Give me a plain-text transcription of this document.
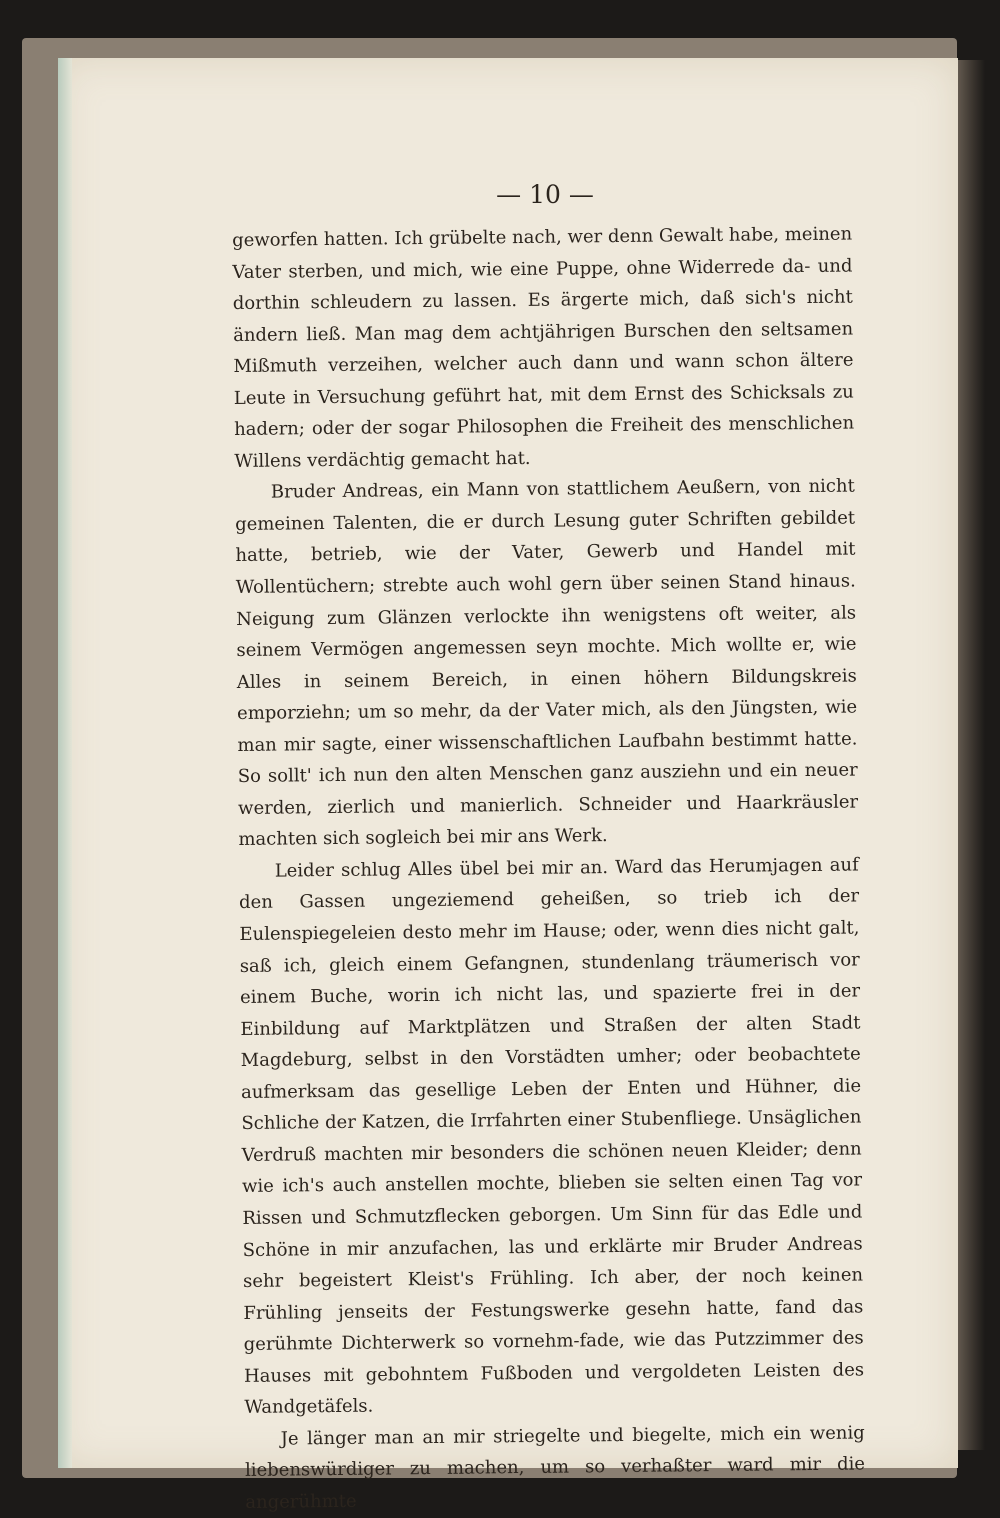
— 10 —

geworfen hatten. Ich grübelte nach, wer denn Gewalt habe, meinen Vater sterben, und mich, wie eine Puppe, ohne Widerrede da- und dorthin schleudern zu lassen. Es ärgerte mich, daß sich's nicht ändern ließ. Man mag dem achtjährigen Burschen den seltsamen Mißmuth verzeihen, welcher auch dann und wann schon ältere Leute in Versuchung geführt hat, mit dem Ernst des Schicksals zu hadern; oder der sogar Philosophen die Freiheit des menschlichen Willens verdächtig gemacht hat.

Bruder Andreas, ein Mann von stattlichem Aeußern, von nicht gemeinen Talenten, die er durch Lesung guter Schriften gebildet hatte, betrieb, wie der Vater, Gewerb und Handel mit Wollentüchern; strebte auch wohl gern über seinen Stand hinaus. Neigung zum Glänzen verlockte ihn wenigstens oft weiter, als seinem Vermögen angemessen seyn mochte. Mich wollte er, wie Alles in seinem Bereich, in einen höhern Bildungskreis emporziehn; um so mehr, da der Vater mich, als den Jüngsten, wie man mir sagte, einer wissenschaftlichen Laufbahn bestimmt hatte. So sollt' ich nun den alten Menschen ganz ausziehn und ein neuer werden, zierlich und manierlich. Schneider und Haarkräusler machten sich sogleich bei mir ans Werk.

Leider schlug Alles übel bei mir an. Ward das Herumjagen auf den Gassen ungeziemend geheißen, so trieb ich der Eulenspiegeleien desto mehr im Hause; oder, wenn dies nicht galt, saß ich, gleich einem Gefangnen, stundenlang träumerisch vor einem Buche, worin ich nicht las, und spazierte frei in der Einbildung auf Marktplätzen und Straßen der alten Stadt Magdeburg, selbst in den Vorstädten umher; oder beobachtete aufmerksam das gesellige Leben der Enten und Hühner, die Schliche der Katzen, die Irrfahrten einer Stubenfliege. Unsäglichen Verdruß machten mir besonders die schönen neuen Kleider; denn wie ich's auch anstellen mochte, blieben sie selten einen Tag vor Rissen und Schmutzflecken geborgen. Um Sinn für das Edle und Schöne in mir anzufachen, las und erklärte mir Bruder Andreas sehr begeistert Kleist's Frühling. Ich aber, der noch keinen Frühling jenseits der Festungswerke gesehn hatte, fand das gerühmte Dichterwerk so vornehm-fade, wie das Putzzimmer des Hauses mit gebohntem Fußboden und vergoldeten Leisten des Wandgetäfels.

Je länger man an mir striegelte und biegelte, mich ein wenig liebenswürdiger zu machen, um so verhaßter ward mir die angerühmte
